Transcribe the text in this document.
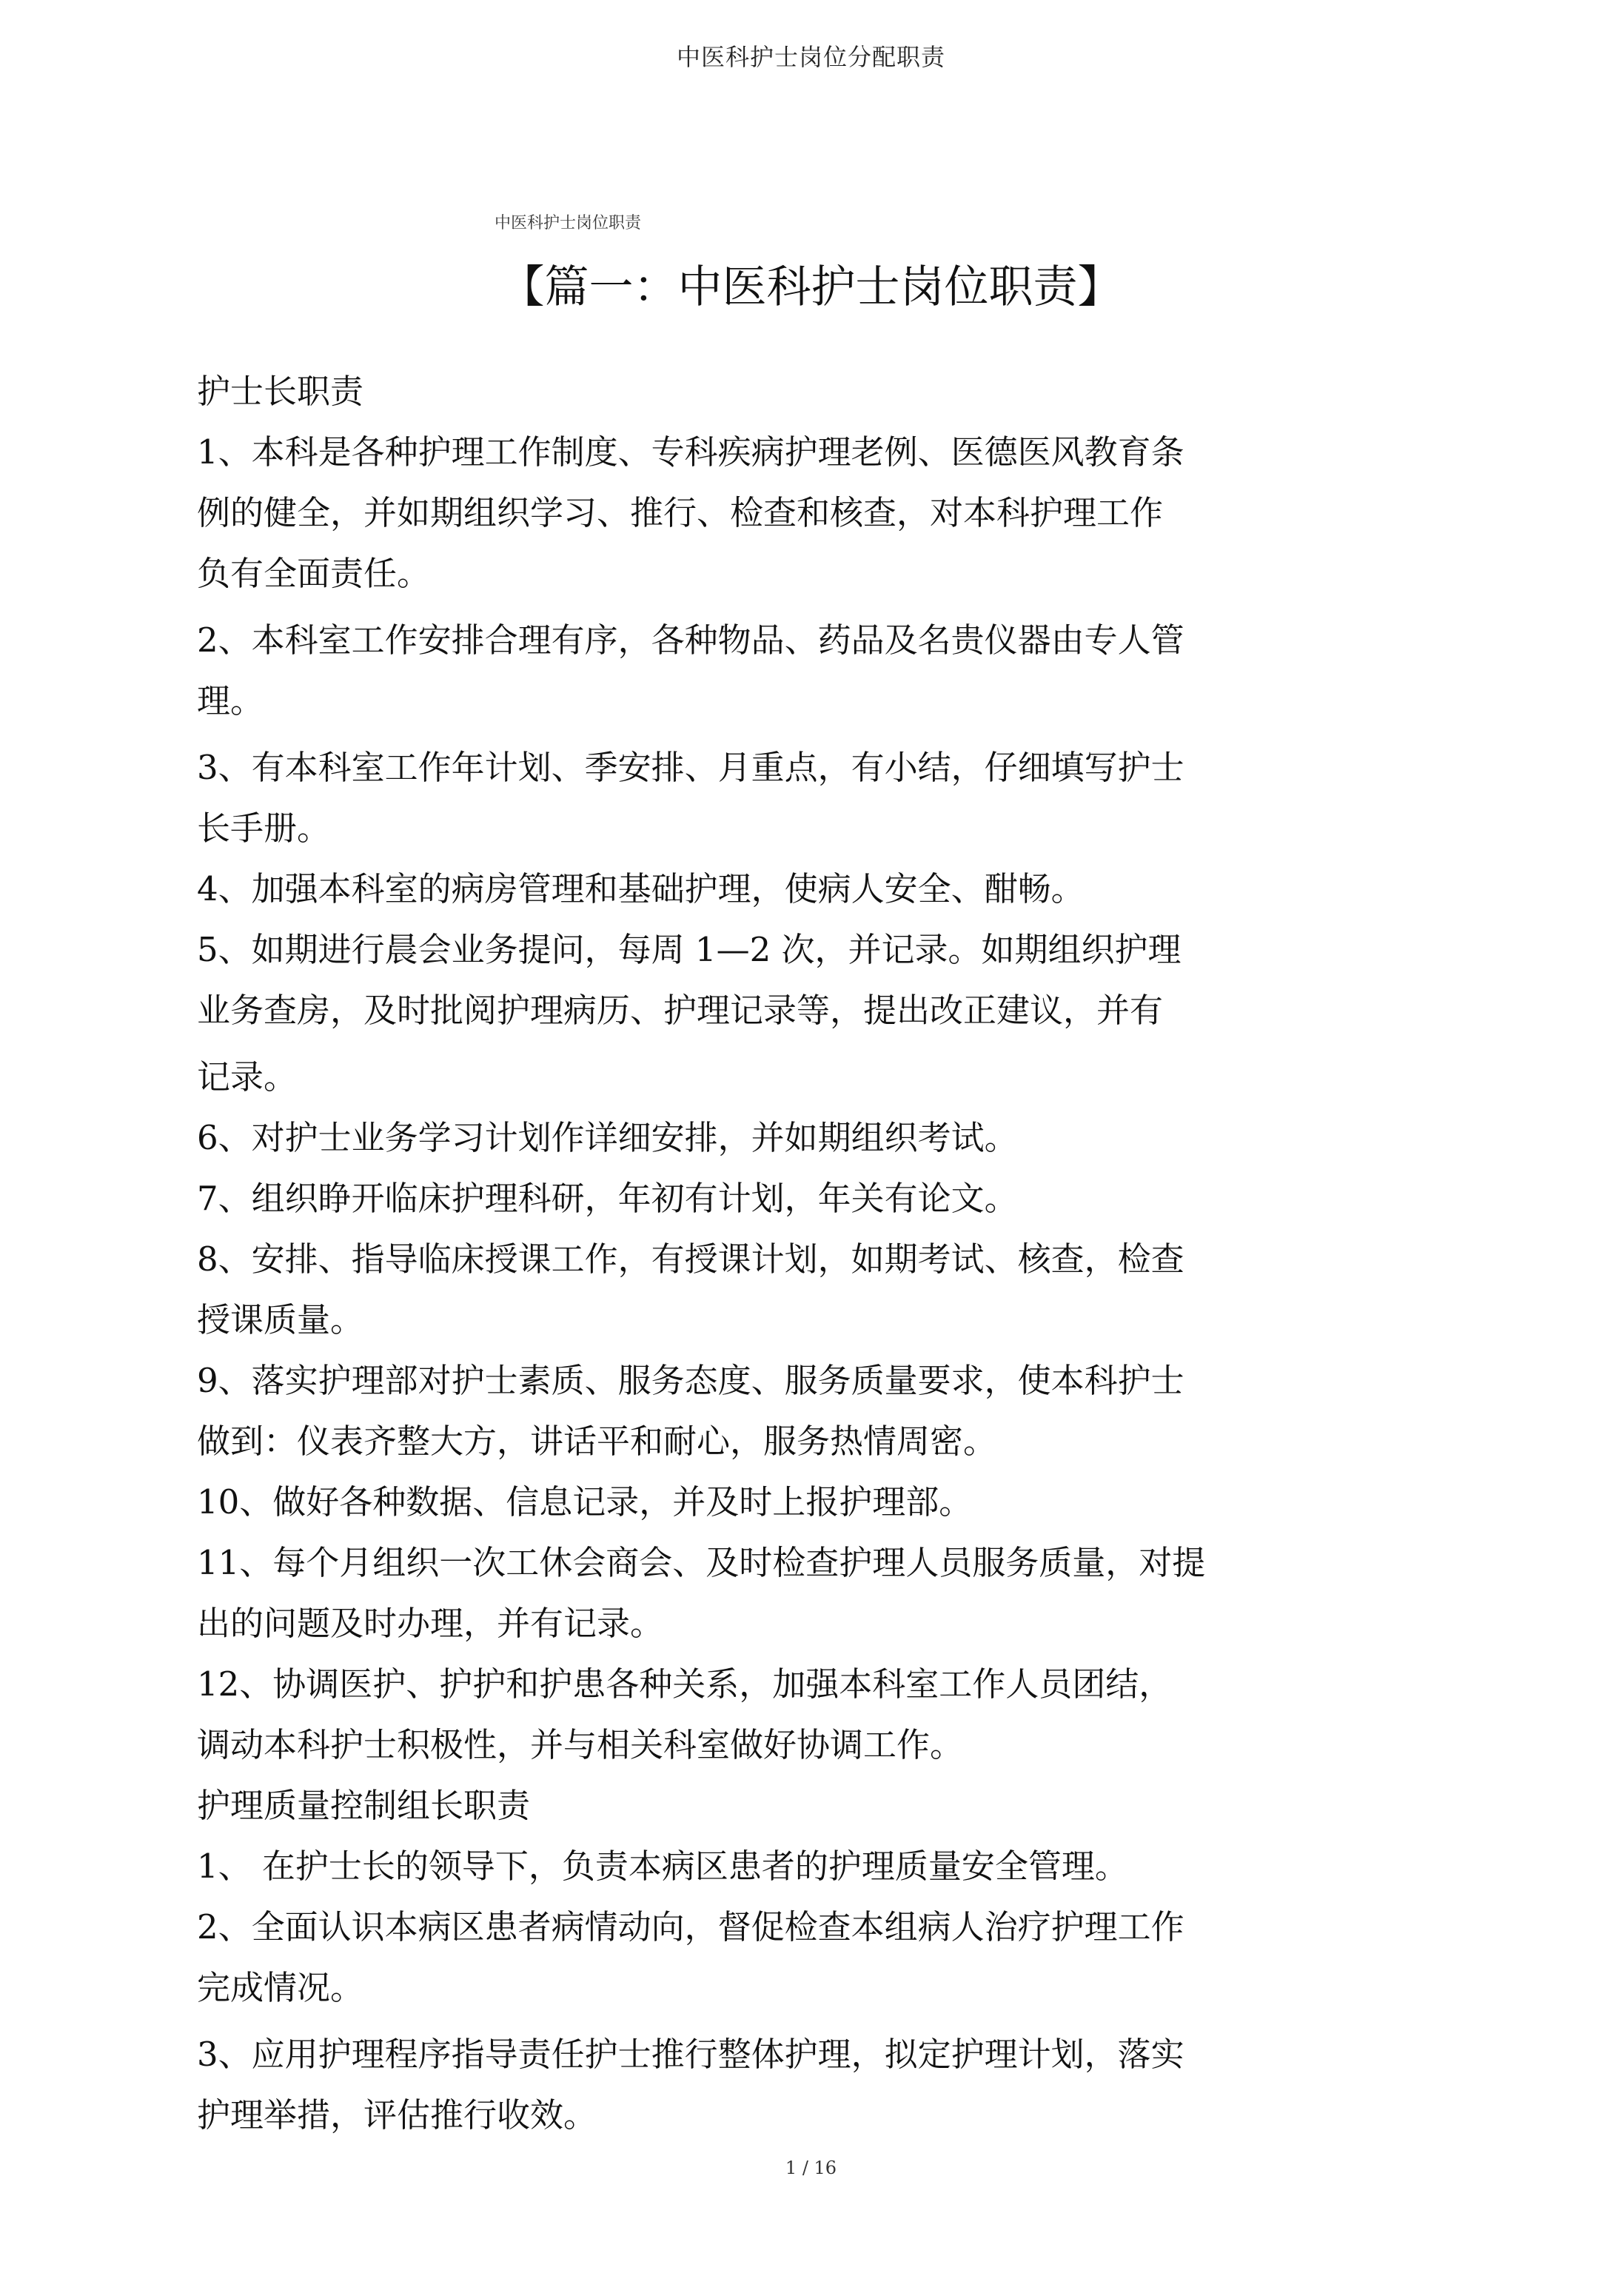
中医科护士岗位分配职责
中医科护士岗位职责
【篇一：中医科护士岗位职责】
护士长职责
1、本科是各种护理工作制度、专科疾病护理老例、医德医风教育条
例的健全，并如期组织学习、推行、检查和核查，对本科护理工作
负有全面责任。
2、本科室工作安排合理有序，各种物品、药品及名贵仪器由专人管
理。
3、有本科室工作年计划、季安排、月重点，有小结，仔细填写护士
长手册。
4、加强本科室的病房管理和基础护理，使病人安全、酣畅。
5、如期进行晨会业务提问，每周 1—2 次，并记录。如期组织护理
业务查房，及时批阅护理病历、护理记录等，提出改正建议，并有
记录。
6、对护士业务学习计划作详细安排，并如期组织考试。
7、组织睁开临床护理科研，年初有计划，年关有论文。
8、安排、指导临床授课工作，有授课计划，如期考试、核查，检查
授课质量。
9、落实护理部对护士素质、服务态度、服务质量要求，使本科护士
做到：仪表齐整大方，讲话平和耐心，服务热情周密。
10、做好各种数据、信息记录，并及时上报护理部。
11、每个月组织一次工休会商会、及时检查护理人员服务质量，对提
出的问题及时办理，并有记录。
12、协调医护、护护和护患各种关系，加强本科室工作人员团结，
调动本科护士积极性，并与相关科室做好协调工作。
护理质量控制组长职责
1、 在护士长的领导下，负责本病区患者的护理质量安全管理。
2、全面认识本病区患者病情动向，督促检查本组病人治疗护理工作
完成情况。
3、应用护理程序指导责任护士推行整体护理，拟定护理计划，落实
护理举措，评估推行收效。
1 / 16
